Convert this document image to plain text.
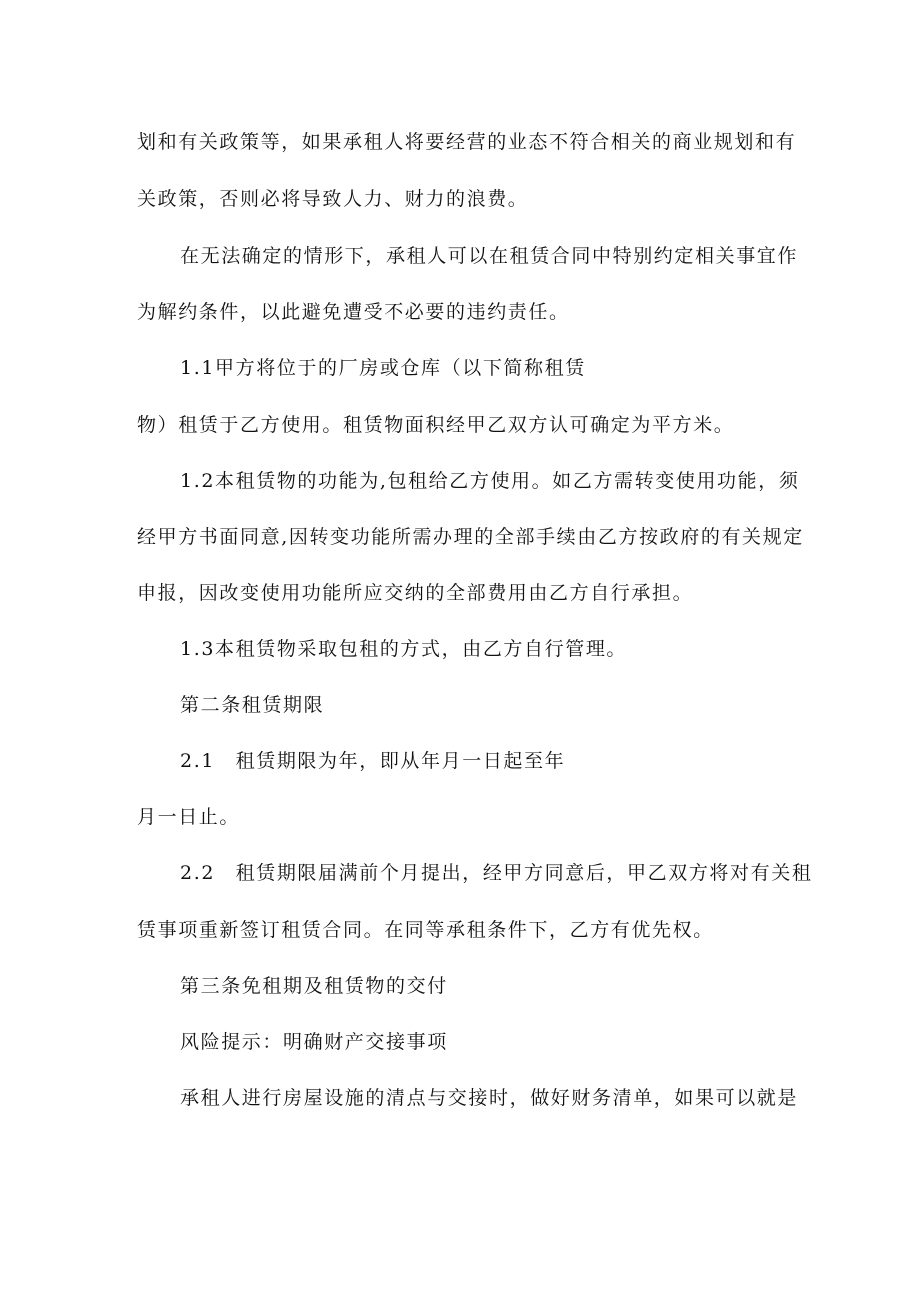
划和有关政策等，如果承租人将要经营的业态不符合相关的商业规划和有
关政策，否则必将导致人力、财力的浪费。
在无法确定的情形下，承租人可以在租赁合同中特别约定相关事宜作
为解约条件，以此避免遭受不必要的违约责任。
1.1甲方将位于的厂房或仓库（以下简称租赁
物）租赁于乙方使用。租赁物面积经甲乙双方认可确定为平方米。
1.2本租赁物的功能为,包租给乙方使用。如乙方需转变使用功能，须
经甲方书面同意,因转变功能所需办理的全部手续由乙方按政府的有关规定
申报，因改变使用功能所应交纳的全部费用由乙方自行承担。
1.3本租赁物采取包租的方式，由乙方自行管理。
第二条租赁期限
2.1　租赁期限为年，即从年月一日起至年
月一日止。
2.2　租赁期限届满前个月提出，经甲方同意后，甲乙双方将对有关租
赁事项重新签订租赁合同。在同等承租条件下，乙方有优先权。
第三条免租期及租赁物的交付
风险提示：明确财产交接事项
承租人进行房屋设施的清点与交接时，做好财务清单，如果可以就是
